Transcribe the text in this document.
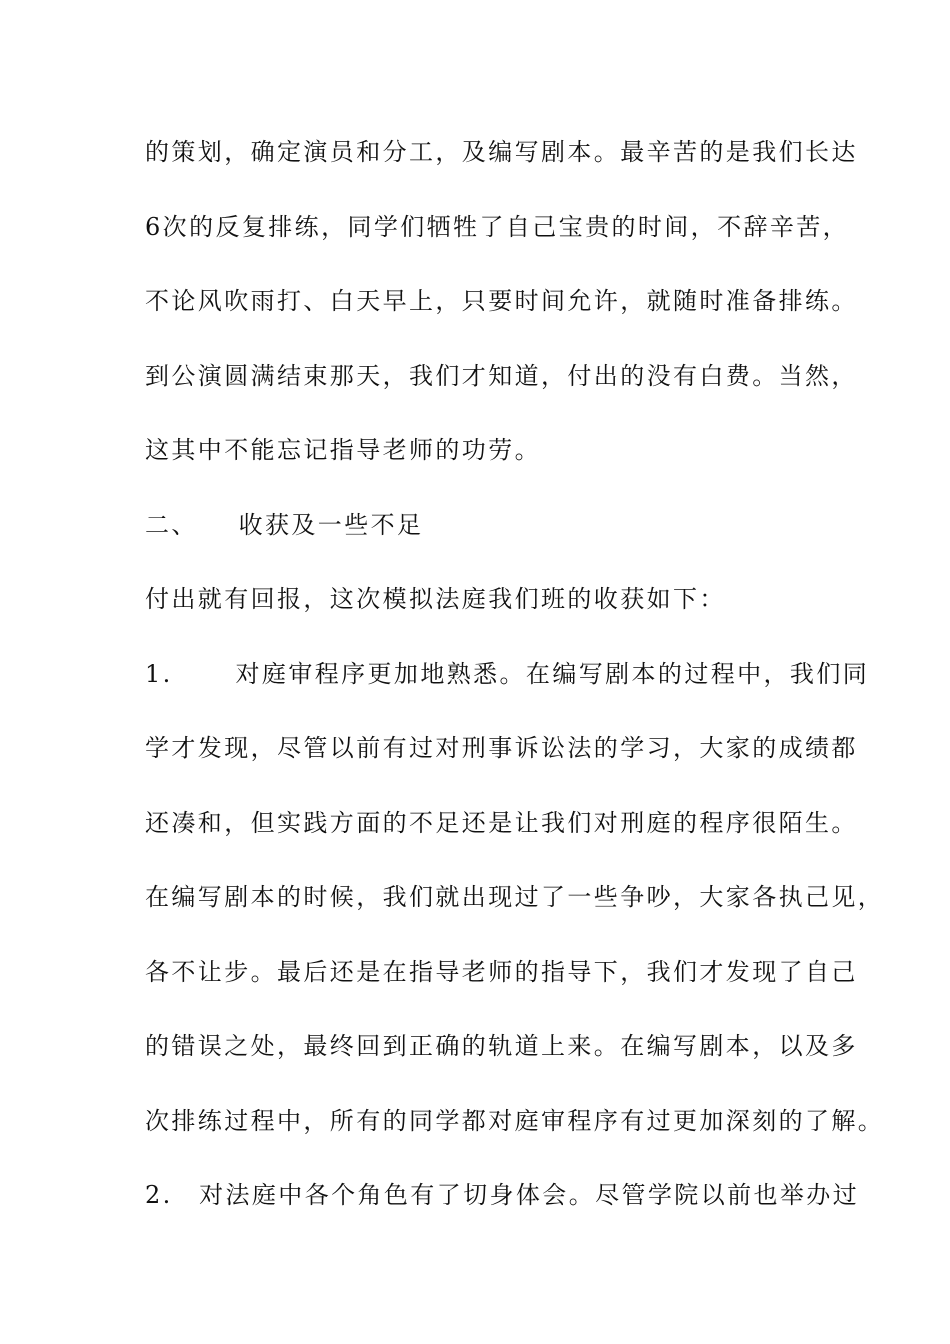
的策划，确定演员和分工，及编写剧本。最辛苦的是我们长达
6次的反复排练，同学们牺牲了自己宝贵的时间，不辞辛苦，
不论风吹雨打、白天早上，只要时间允许，就随时准备排练。
到公演圆满结束那天，我们才知道，付出的没有白费。当然，
这其中不能忘记指导老师的功劳。
二、　　收获及一些不足
付出就有回报，这次模拟法庭我们班的收获如下：
1.　　 对庭审程序更加地熟悉。在编写剧本的过程中，我们同
学才发现，尽管以前有过对刑事诉讼法的学习，大家的成绩都
还凑和，但实践方面的不足还是让我们对刑庭的程序很陌生。
在编写剧本的时候，我们就出现过了一些争吵，大家各执己见，
各不让步。最后还是在指导老师的指导下，我们才发现了自己
的错误之处，最终回到正确的轨道上来。在编写剧本，以及多
次排练过程中，所有的同学都对庭审程序有过更加深刻的了解。
2.　对法庭中各个角色有了切身体会。尽管学院以前也举办过
